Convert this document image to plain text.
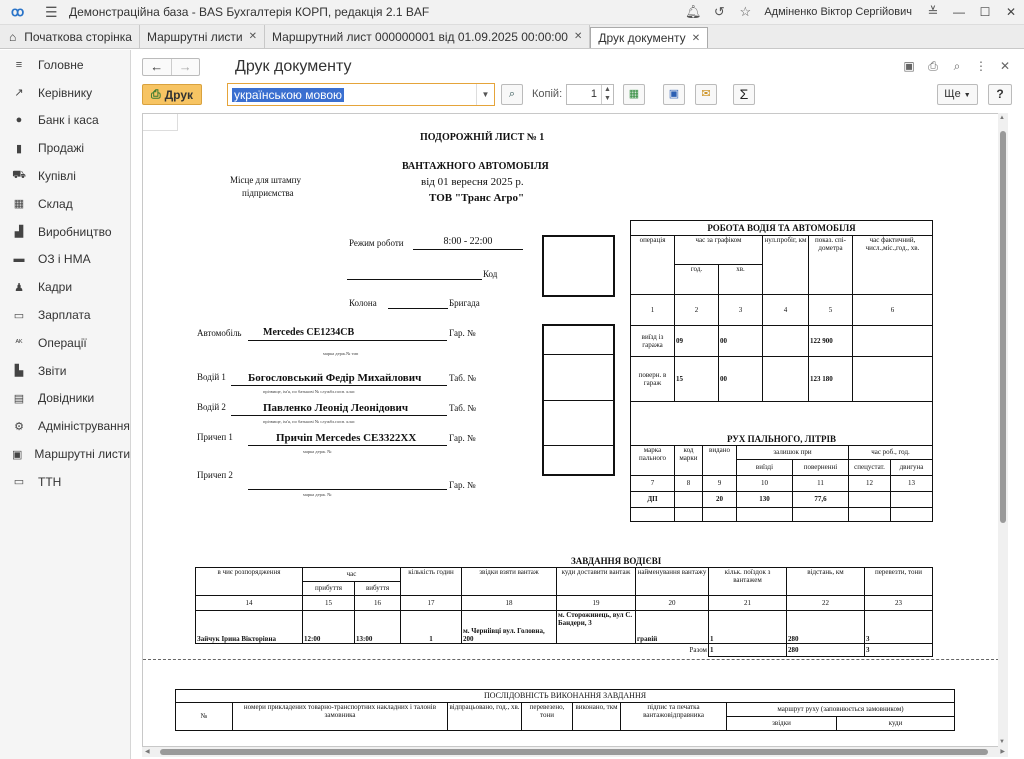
ꝏ	☰ Демонстраційна база - BAS Бухгалтерія КОРП, редакція 2.1 BAF	🔔︎ ↺	☆	Адміненко Віктор Сергійович	≚	—	☐	✕
⌂ Початкова сторінка Маршрутні листи ✕ Маршрутний лист 000000001 від 01.09.2025 00:00:00 ✕ Друк документу ✕
≡	Головне
↗ Керівнику
●	Банк і каса
▮	Продажі
⛟ Купівлі
▦ Склад
▟ Виробництво
▬ ОЗ і НМА
♟ Кадри
▭ Зарплата
ᴬᴷ Операції
▙ Звіти
▤ Довідники
⚙ Адміністрування
▣ Маршрутні листи
▭ ТТН
←	→	Друк документу	▣	⎙	⌕	⋮	✕
⎙ Друк	українською мовою	▼	⌕	Копій:	1	▲
▼	▦	▣	✉	Σ	Ще ▼	?
ПОДОРОЖНІЙ ЛИСТ № 1
ВАНТАЖНОГО АВТОМОБІЛЯ
від 01 вересня 2025 р.
ТОВ "Транс Агро"
Місце для штампу
підприємства
Режим роботи	8:00 - 22:00
Код
Колона	Бригада
Автомобіль Mercedes CE1234CB	Гар. №
марка держ.№ тип
Водій 1 Богословський Федір Михайлович	Таб. №
прізвище, ім'я, по батькові № службл.посв. клас
Водій 2	Павленко Леонід Леонідович	Таб. №
прізвище, ім'я, по батькові № службл.посв. клас
Причеп 1	Причіп Mercedes CE3322XX	Гар. №
марка держ. №
Причеп 2
Гар. №
марка держ. №
РОБОТА ВОДІЯ ТА АВТОМОБІЛЯ					
операція	час за графіком		нул.пробіг, км	показ. спі-дометра	час фактичний, числ.,міс.,год., хв.
	год.	хв.			
1	2	3	4	5	6
виїзд із гаража	09	00		122 900	
поверн. в гараж	15	00		123 180	
РУХ ПАЛЬНОГО, ЛІТРІВ						
марка пального	код марки	видано	залишок при		час роб., год.	
			виїзді	поверненні	спецустат.	двигуна
7	8	9	10	11	12	13
ДП		20	130	77,6		

ЗАВДАННЯ ВОДІЄВІ
в чиє розпорядження	час		кількість годин	звідки взяти вантаж	куди доставити вантаж	найменування вантажу	кільк. поїздок з вантажем	відстань, км	перевезти, тони
	прибуття	вибуття							
14	15	16	17	18	19	20	21	22	23
Зайчук Ірина Вікторівна	12:00	13:00	1	м. Черніівці вул. Головна, 200	м. Сторожинець, вул С. Бандери, 3	гравій	1	280	3
						Разом	1	280	3
ПОСЛІДОВНІСТЬ ВИКОНАННЯ ЗАВДАННЯ							
№	номери прикладених товарно-транспортних накладних і талонів замовника	відпрацьовано, год., хв.	перевезено, тони	виконано, ткм	підпис та печатка вантажовідправника	маршрут руху (заповнюється замовником)	
						звідки	куди
▲
▼
◀	▶
